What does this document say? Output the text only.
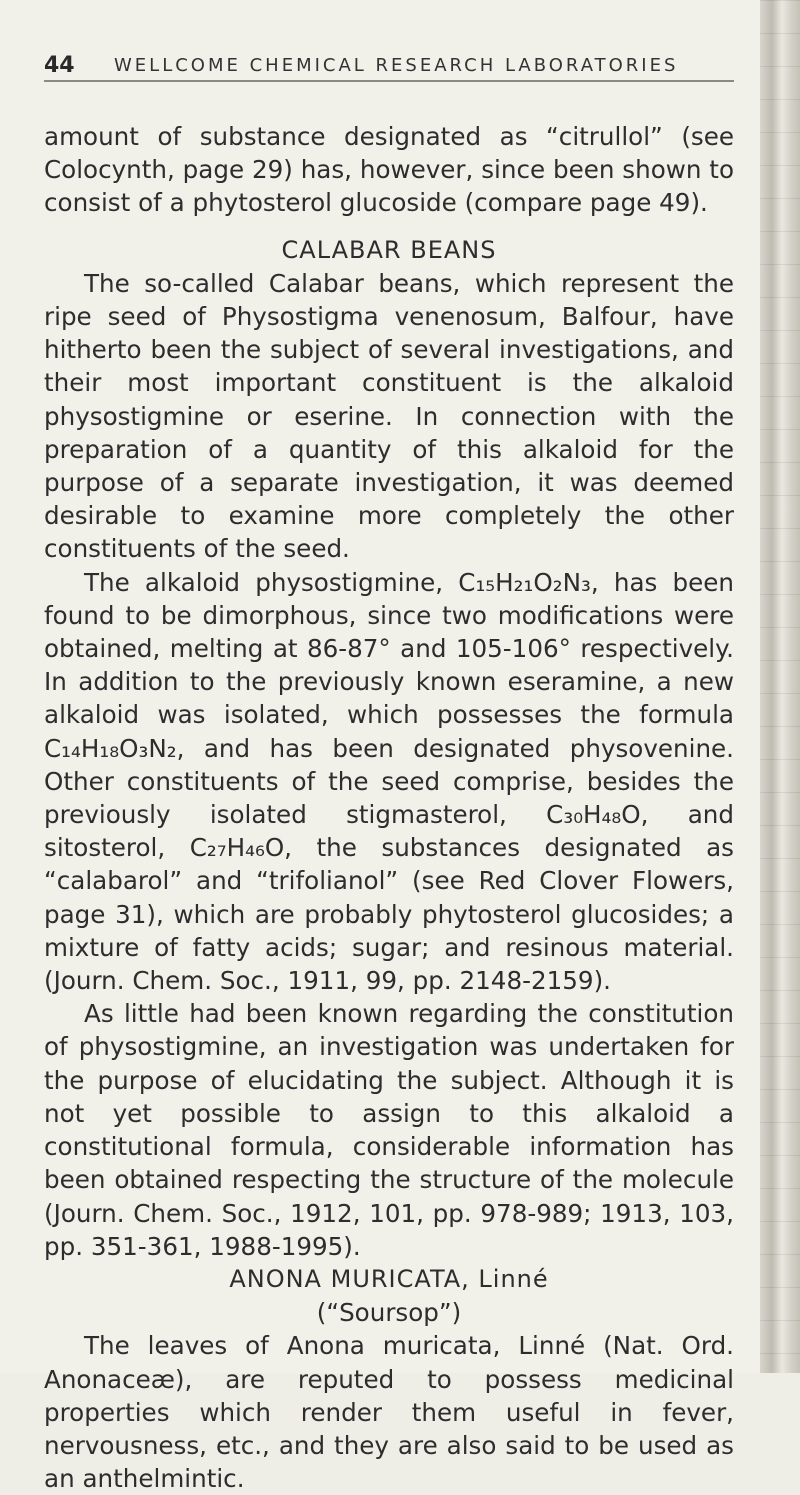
44	WELLCOME CHEMICAL RESEARCH LABORATORIES

amount of substance designated as “citrullol” (see Colocynth, page 29) has, however, since been shown to consist of a phytosterol glucoside (compare page 49).

CALABAR BEANS

The so-called Calabar beans, which represent the ripe seed of Physostigma venenosum, Balfour, have hitherto been the subject of several investigations, and their most important constituent is the alkaloid physostigmine or eserine. In connection with the preparation of a quantity of this alkaloid for the purpose of a separate investigation, it was deemed desirable to examine more completely the other constituents of the seed.

The alkaloid physostigmine, C₁₅H₂₁O₂N₃, has been found to be dimorphous, since two modifications were obtained, melting at 86-87° and 105-106° respectively. In addition to the previously known eseramine, a new alkaloid was isolated, which possesses the formula C₁₄H₁₈O₃N₂, and has been designated physovenine. Other constituents of the seed comprise, besides the previously isolated stigmasterol, C₃₀H₄₈O, and sitosterol, C₂₇H₄₆O, the substances designated as “calabarol” and “trifolianol” (see Red Clover Flowers, page 31), which are probably phytosterol glucosides; a mixture of fatty acids; sugar; and resinous material. (Journ. Chem. Soc., 1911, 99, pp. 2148-2159).

As little had been known regarding the constitution of physostigmine, an investigation was undertaken for the purpose of elucidating the subject. Although it is not yet possible to assign to this alkaloid a constitutional formula, considerable information has been obtained respecting the structure of the molecule (Journ. Chem. Soc., 1912, 101, pp. 978-989; 1913, 103, pp. 351-361, 1988-1995).

ANONA MURICATA, Linné

(“Soursop”)

The leaves of Anona muricata, Linné (Nat. Ord. Anonaceæ), are reputed to possess medicinal properties which render them useful in fever, nervousness, etc., and they are also said to be used as an anthelmintic.
